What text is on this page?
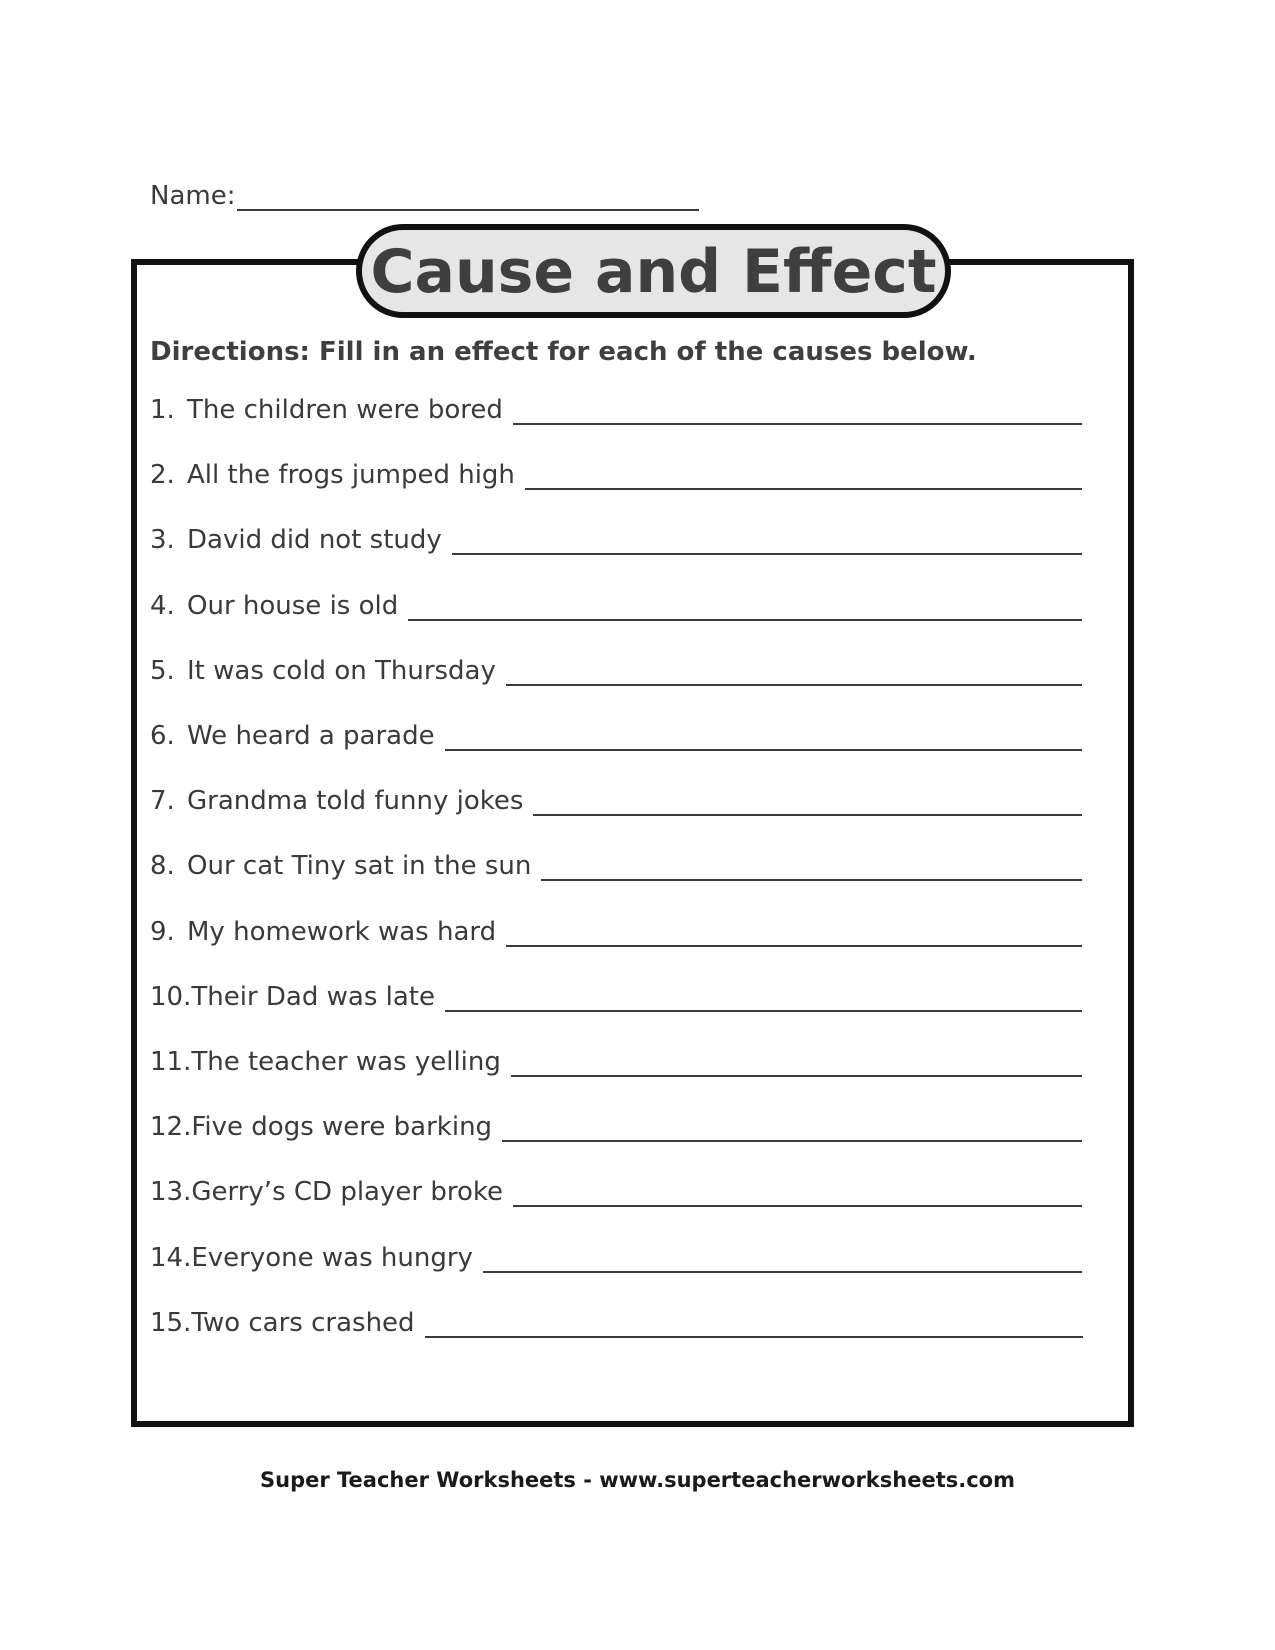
Name:
Cause and Effect
Directions: Fill in an effect for each of the causes below.
1. The children were bored
2. All the frogs jumped high
3. David did not study
4. Our house is old
5. It was cold on Thursday
6. We heard a parade
7. Grandma told funny jokes
8. Our cat Tiny sat in the sun
9. My homework was hard
10. Their Dad was late
11. The teacher was yelling
12. Five dogs were barking
13. Gerry’s CD player broke
14. Everyone was hungry
15. Two cars crashed
Super Teacher Worksheets - www.superteacherworksheets.com
